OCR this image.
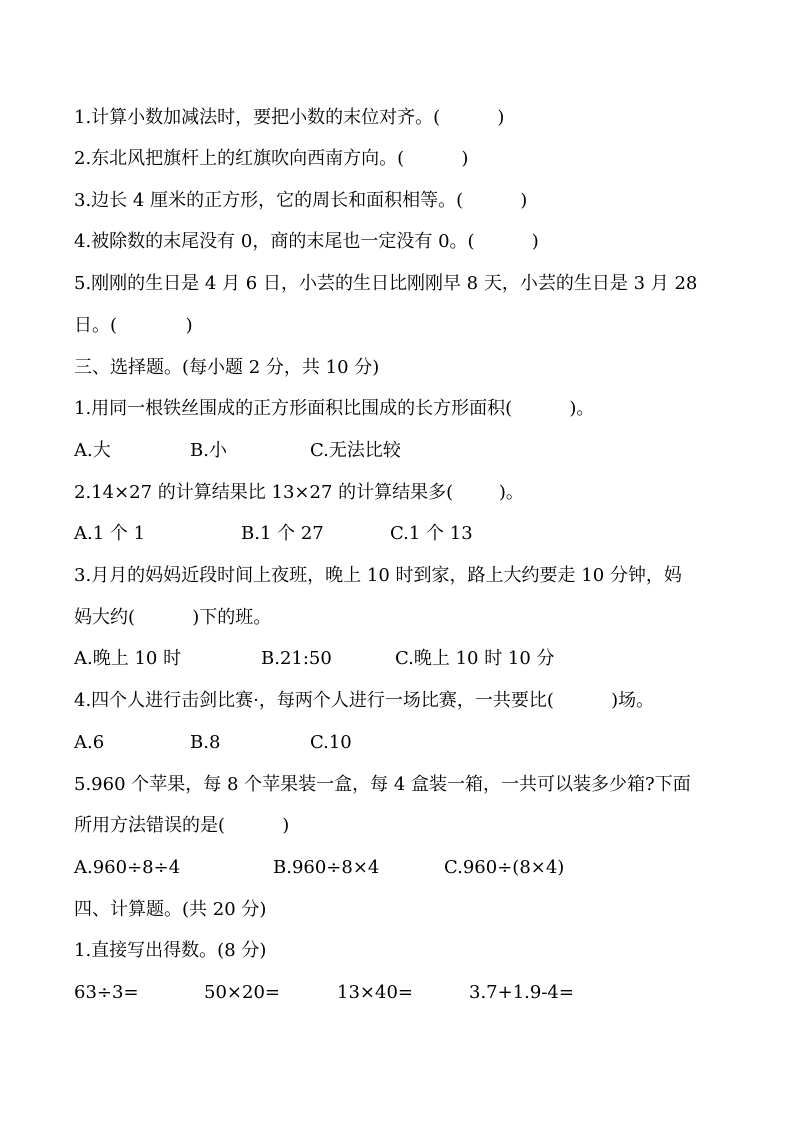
1.计算小数加减法时，要把小数的末位对齐。(          )
2.东北风把旗杆上的红旗吹向西南方向。(          )
3.边长 4 厘米的正方形，它的周长和面积相等。(          )
4.被除数的末尾没有 0，商的末尾也一定没有 0。(          )
5.刚刚的生日是 4 月 6 日，小芸的生日比刚刚早 8 天，小芸的生日是 3 月 28
日。(            )
三、选择题。(每小题 2 分，共 10 分)
1.用同一根铁丝围成的正方形面积比围成的长方形面积(          )。
A.大	B.小	C.无法比较
2.14×27 的计算结果比 13×27 的计算结果多(        )。
A.1 个 1	B.1 个 27	C.1 个 13
3.月月的妈妈近段时间上夜班，晚上 10 时到家，路上大约要走 10 分钟，妈
妈大约(          )下的班。
A.晚上 10 时	B.21:50	C.晚上 10 时 10 分
4.四个人进行击剑比赛·，每两个人进行一场比赛，一共要比(          )场。
A.6	B.8	C.10
5.960 个苹果，每 8 个苹果装一盒，每 4 盒装一箱，一共可以装多少箱?下面
所用方法错误的是(          )
A.960÷8÷4	B.960÷8×4	C.960÷(8×4)
四、计算题。(共 20 分)
1.直接写出得数。(8 分)
63÷3=	50×20=	13×40=	3.7+1.9-4=
